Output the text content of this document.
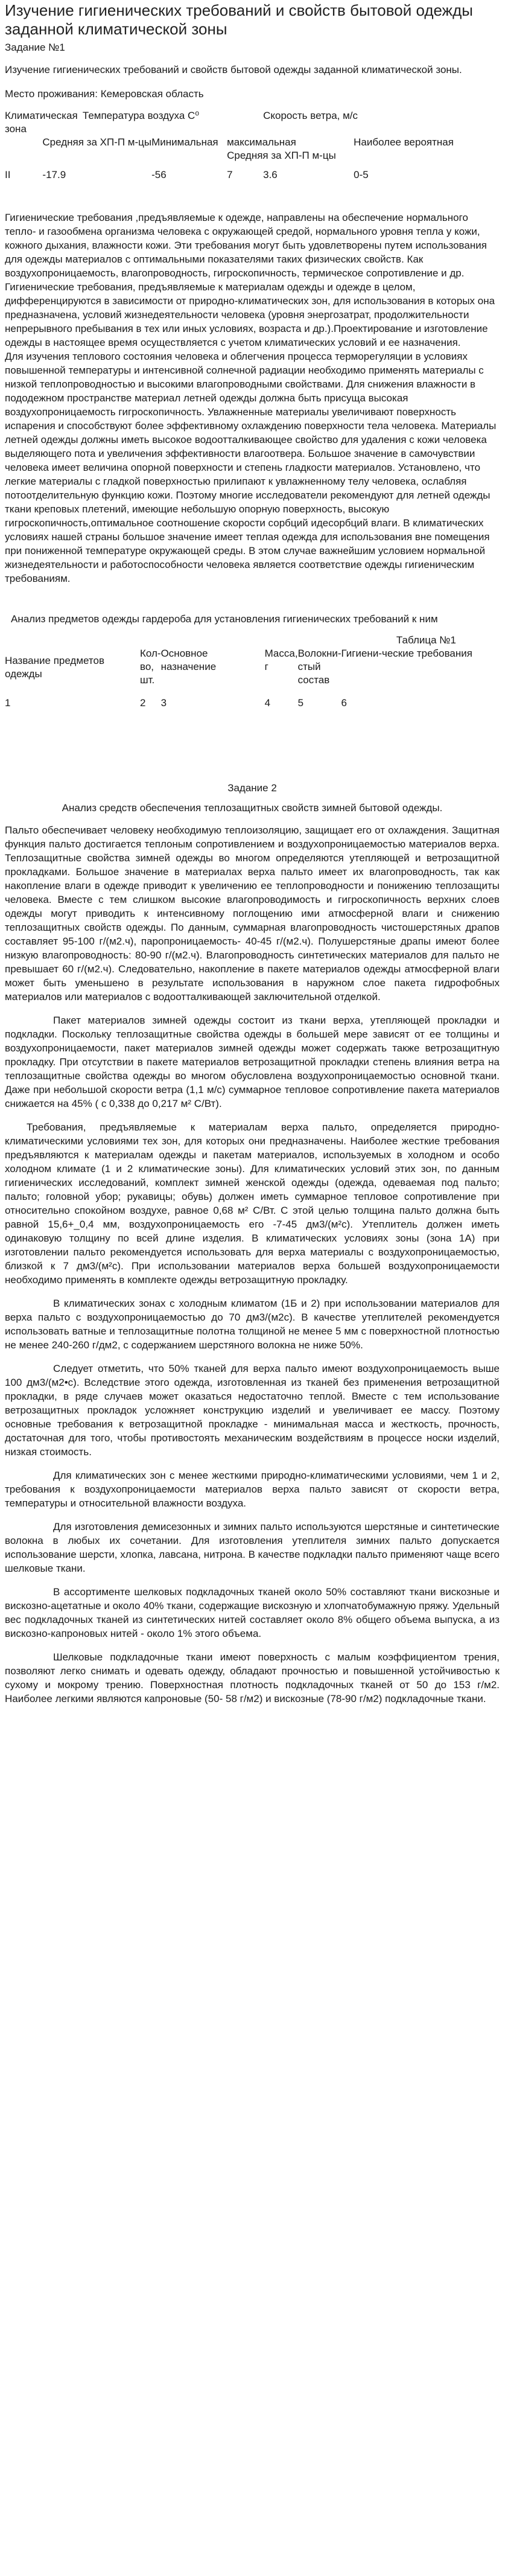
Изучение гигиенических требований и свойств бытовой одежды заданной климатической зоны

Задание №1

Изучение гигиенических требований и свойств бытовой одежды заданной климатической зоны.

Место проживания: Кемеровская область

Климатическая зона		Температура воздуха С⁰			Скорость ветра, м/с	
	Средняя за ХП-П м-цы		Минимальная	максимальная		Наиболее вероятная
				Средняя за ХП-П м-цы		
II	-17.9		-56	7	3.6	0-5

Гигиенические требования ,предъявляемые к одежде, направлены на обеспечение нормального тепло- и газообмена организма человека с окружающей средой, нормального уровня тепла у кожи, кожного дыхания, влажности кожи. Эти требования могут быть удовлетворены путем использования для одежды материалов с оптимальными показателями таких физических свойств. Как воздухопроницаемость, влагопроводность, гигроскопичность, термическое сопротивление и др.

Гигиенические требования, предъявляемые к материалам одежды и одежде в целом, дифференцируются в зависимости от природно-климатических зон, для использования в которых она предназначена, условий жизнедеятельности человека (уровня энергозатрат, продолжительности непрерывного пребывания в тех или иных условиях, возраста и др.).Проектирование и изготовление одежды в настоящее время осуществляется с учетом климатических условий и ее назначения.

Для изучения теплового состояния человека и облегчения процесса терморегуляции в условиях повышенной температуры и интенсивной солнечной радиации необходимо применять материалы с низкой теплопроводностью и высокими влагопроводными свойствами. Для снижения влажности в пододежном пространстве материал летней одежды должна быть присуща высокая воздухопроницаемость гигроскопичность. Увлажненные материалы увеличивают поверхность испарения и способствуют более эффективному охлаждению поверхности тела человека. Материалы летней одежды должны иметь высокое водоотталкивающее свойство для удаления с кожи человека выделяющего пота и увеличения эффективности влагоотвеpa. Большое значение в самочувствии человека имеет величина опорной поверхности и степень гладкости материалов. Установлено, что легкие материалы с гладкой поверхностью прилипают к увлажненному телу человека, ослабляя потоотделительную функцию кожи. Поэтому многие исследователи рекомендуют для летней одежды ткани креповых плетений, имеющие небольшую опорную поверхность, высокую гигроскопичность,оптимальное соотношение скорости сорбций идесорбций влаги. В климатических условиях нашей страны большое значение имеет теплая одежда для использования вне помещения при пониженной температуре окружающей среды. В этом случае важнейшим условием нормальной жизнедеятельности и работоспособности человека является соответствие одежды гигиеническим требованиям.

Анализ предметов одежды гардероба для установления гигиенических требований к ним

Таблица №1

Название предметов одежды	Кол-во, шт.	Основное назначение	Масса, г	Волокни-стый состав	Гигиени-ческие требования
1	2	3	4	5	6

Задание 2

Анализ средств обеспечения теплозащитных свойств зимней бытовой одежды.

Пальто обеспечивает человеку необходимую теплоизоляцию, защищает его от охлаждения. Защитная функция пальто достигается теплоным сопротивлением и воздухопроницаемостью материалов верха. Теплозащитные свойства зимней одежды во многом определяются утепляющей и ветрозащитной прокладками. Большое значение в материалах верха пальто имеет их влагопроводность, так как накопление влаги в одежде приводит к увеличению ее теплопроводности и понижению теплозащиты человека. Вместе с тем слишком высокие влагопроводимость и гигроскопичность верхних слоев одежды могут приводить к интенсивному поглощению ими атмосферной влаги и снижению теплозащитных свойств одежды. По данным, суммарная влагопроводность чистошерстяных драпов составляет 95-100 г/(м2.ч), паропроницаемость- 40-45 г/(м2.ч). Полушерстяные драпы имеют более низкую влагопроводность: 80-90 г/(м2.ч). Влагопроводность синтетических материалов для пальто не превышает 60 г/(м2.ч). Следовательно, накопление в пакете материалов одежды атмосферной влаги может быть уменьшено в результате использования в наружном слое пакета гидрофобных материалов или материалов с водоотталкивающей заключительной отделкой.

Пакет материалов зимней одежды состоит из ткани верха, утепляющей прокладки и подкладки. Поскольку теплозащитные свойства одежды в большей мере зависят от ее толщины и воздухопроницаемости, пакет материалов зимней одежды может содержать также ветрозащитную прокладку. При отсутствии в пакете материалов ветрозащитной прокладки степень влияния ветра на теплозащитные свойства одежды во многом обусловлена воздухопроницаемостью основной ткани. Даже при небольшой скорости ветра (1,1 м/с) суммарное тепловое сопротивление пакета материалов снижается на 45% ( с 0,338 до 0,217 м² С/Вт).

Требования, предъявляемые к материалам верха пальто, определяется природно-климатическими условиями тех зон, для которых они предназначены. Наиболее жесткие требования предъявляются к материалам одежды и пакетам материалов, используемых в холодном и особо холодном климате (1 и 2 климатические зоны). Для климатических условий этих зон, по данным гигиенических исследований, комплект зимней женской одежды (одежда, одеваемая под пальто; пальто; головной убор; рукавицы; обувь) должен иметь суммарное тепловое сопротивление при относительно спокойном воздухе, равное 0,68 м² С/Вт. С этой целью толщина пальто должна быть равной 15,6+_0,4 мм, воздухопроницаемость его -7-45 дм3/(м²с). Утеплитель должен иметь одинаковую толщину по всей длине изделия. В климатических условиях зоны (зона 1А) при изготовлении пальто рекомендуется использовать для верха материалы с воздухопроницаемостью, близкой к 7 дм3/(м²с). При использовании материалов верха большей воздухопроницаемости необходимо применять в комплекте одежды ветрозащитную прокладку.

В климатических зонах с холодным климатом (1Б и 2) при использовании материалов для верха пальто с воздухопроницаемостью до 70 дм3/(м2с). В качестве утеплителей рекомендуется использовать ватные и теплозащитные полотна толщиной не менее 5 мм с поверхностной плотностью не менее 240-260 г/дм2, с содержанием шерстяного волокна не ниже 50%.

Следует отметить, что 50% тканей для верха пальто имеют воздухопроницаемость выше 100 дм3/(м2•с). Вследствие этого одежда, изготовленная из тканей без применения ветрозащитной прокладки, в ряде случаев может оказаться недостаточно теплой. Вместе с тем использование ветрозащитных прокладок усложняет конструкцию изделий и увеличивает ее массу. Поэтому основные требования к ветрозащитной прокладке - минимальная масса и жесткость, прочность, достаточная для того, чтобы противостоять механическим воздействиям в процессе носки изделий, низкая стоимость.

Для климатических зон с менее жесткими природно-климатическими условиями, чем 1 и 2, требования к воздухопроницаемости материалов верха пальто зависят от скорости ветра, температуры и относительной влажности воздуха.

Для изготовления демисезонных и зимних пальто используются шерстяные и синтетические волокна в любых их сочетании. Для изготовления утеплителя зимних пальто допускается использование шерсти, хлопка, лавсана, нитрона. В качестве подкладки пальто применяют чаще всего шелковые ткани.

В ассортименте шелковых подкладочных тканей около 50% составляют ткани вискозные и вискозно-ацетатные и около 40% ткани, содержащие вискозную и хлопчатобумажную пряжу. Удельный вес подкладочных тканей из синтетических нитей составляет около 8% общего объема выпуска, а из вискозно-капроновых нитей - около 1% этого объема.

Шелковые подкладочные ткани имеют поверхность с малым коэффициентом трения, позволяют легко снимать и одевать одежду, обладают прочностью и повышенной устойчивостью к сухому и мокрому трению. Поверхностная плотность подкладочных тканей от 50 до 153 г/м2. Наиболее легкими являются капроновые (50- 58 г/м2) и вискозные (78-90 г/м2) подкладочные ткани.
